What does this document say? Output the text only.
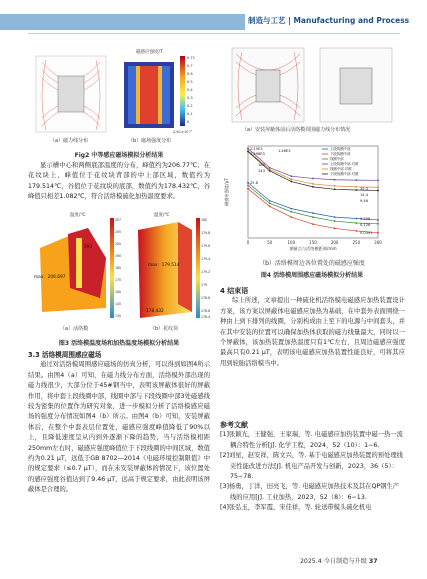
制造与工艺 | Manufacturing and Process
磁感应强度/T
0.71
0.7
0.6
0.5
0.4
0.3
0.2
0.1
0
2.61×10⁻⁶
（a）磁力线分布	（b）磁场强度分布
Fig2 中等感应磁场模拟分析结果

显示槽中心和两侧底部温度的分布，峰值约为206.77℃；在花纹块上，峰值位于花纹块背部的中上部区域，数值约为179.514℃，谷值位于花纹块的底部，数值约为178.432℃，谷峰值只相差1.082℃，符合活络模硫化加热温度要求。

max：206.697
193
温度/℃
207
205
200
190
180
170
160
145
130
max：179.514
178.432
温度/℃
180
179.8
179.6
179.4
179.2
179
178.8
178.6
178.4
（a）活络模	（b）花纹块
图3 活络模温度场和加热温度场模拟分析结果

3.3 活络模周围感应磁场

通过对活络模周围感应磁场的仿真分析，可以得到如图4所示结果。由图4（a）可知，在磁力线分布方面，活络模外部出现的磁力线很少，大部分位于45#钢当中，表明该屏蔽体很好的屏蔽作用，将中套上段线圈中部，线圈中部与下段线圈中部3处磁感线较为密集的位置作为研究对象，进一步模拟分析了活络模感应磁场的强度分布情况如图4（b）所示。由图4（b）可知，安装屏蔽体后，在整个中套表层位置处，磁感应强度峰值降低了90%以上，且降低速度呈从内到外逐渐下降的趋势，当与活络模相距250mm左右时，磁感应强度峰值位于下段线圈的中间区域，数值约为0.21 μT，远低于GB 8702—2014《电磁环境控制限值》中的规定要求（≤0.7 μT），而在未安装屏蔽体的情况下，该位置处的感应强度谷值达到了9.46 μT，远高于规定要求，由此表明该屏蔽体是合理的。

（a）安装屏蔽体前后活络模周围磁力线分布情况
0	50	100	150	200	250	300
测量点与活络模距离/mm
磁感应强度/μT
2.15E3
1.598E3
1.46E3
180
143
25.8
35.3
14.4
9.46
0.208
0.126
0.0391
上段线圈中部
下段线圈中部
线圈中部
上段线圈中部-对照
线圈中部-对照
下段线圈中部-对照
（b）活络模周边各位置处的磁感应强度
图4 活络模周围感应磁场模拟分析结果

4 结束语

综上所述，文章提出一种硫化机活络模电磁感应加热装置设计方案，该方案以屏蔽体电磁感应加热为基础，在中套外表面围绕一种由上到下排列的线圈，分别构成由上至下的电源与中间套头，并在其中安装的位置可以确保加热体获取的磁力线量最大，同时以一个屏蔽体，该加热装置加热温度只有1℃左右，且周边磁感应强度最高只有0.21 μT，表明该电磁感应加热装置性能良好，可将其应用到轮胎活络模当中。

参考文献

[1]张颖光，王健强，王家瑞，等. 电磁感应加热装置中磁一热一流耦合特性分析[J]. 化学工程，2024，52（10）：1−6.

[2]刘星，赵安祥，陈文兴，等. 基于电磁感应加热装置的预处理线夹性能改进方法[J]. 机电产品开发与创新，2023，36（5）：75−78.

[3]杨勇，丁洋，田亮飞，等. 电磁感应加热技术及其在QP钢生产线的应用[J]. 工业加热，2023，52（8）：6−13.

[4]张弘玉，李军霞，宋佳祥，等. 轮送带模头硫化机电

2025.4 今日制造与升级 37
